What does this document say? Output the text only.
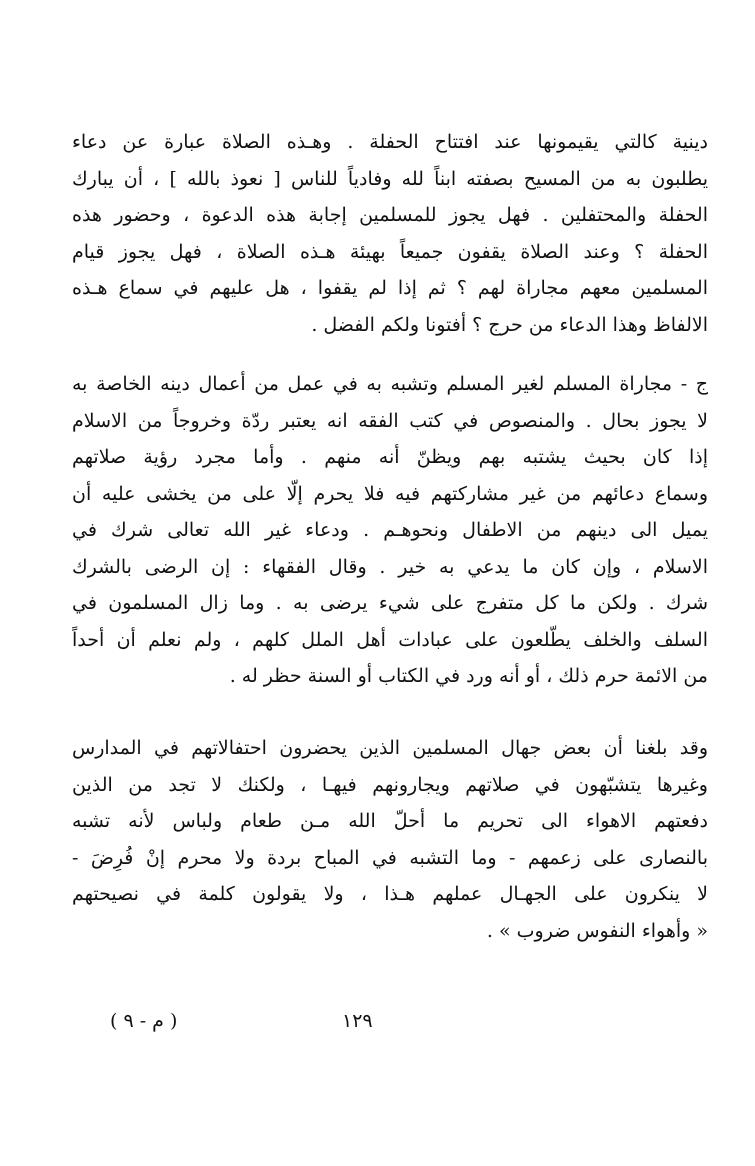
دينية كالتي يقيمونها عند افتتاح الحفلة . وهـذه الصلاة عبارة عن دعاء
يطلبون به من المسيح بصفته ابناً لله وفادياً للناس [ نعوذ بالله ] ، أن يبارك
الحفلة والمحتفلين . فهل يجوز للمسلمين إجابة هذه الدعوة ، وحضور هذه
الحفلة ؟ وعند الصلاة يقفون جميعاً بهيئة هـذه الصلاة ، فهل يجوز قيام
المسلمين معهم مجاراة لهم ؟ ثم إذا لم يقفوا ، هل عليهم في سماع هـذه
الالفاظ وهذا الدعاء من حرج ؟ أفتونا ولكم الفضل .
ج - مجاراة المسلم لغير المسلم وتشبه به في عمل من أعمال دينه الخاصة به
لا يجوز بحال . والمنصوص في كتب الفقه انه يعتبر ردّة وخروجاً من الاسلام
إذا كان بحيث يشتبه بهم ويظنّ أنه منهم . وأما مجرد رؤية صلاتهم
وسماع دعائهم من غير مشاركتهم فيه فلا يحرم إلّا على من يخشى عليه أن
يميل الى دينهم من الاطفال ونحوهـم . ودعاء غير الله تعالى شرك في
الاسلام ، وإن كان ما يدعي به خير . وقال الفقهاء : إن الرضى بالشرك
شرك . ولكن ما كل متفرج على شيء يرضى به . وما زال المسلمون في
السلف والخلف يطّلعون على عبادات أهل الملل كلهم ، ولم نعلم أن أحداً
من الائمة حرم ذلك ، أو أنه ورد في الكتاب أو السنة حظر له .
وقد بلغنا أن بعض جهال المسلمين الذين يحضرون احتفالاتهم في المدارس
وغيرها يتشبّهون في صلاتهم ويجارونهم فيهـا ، ولكنك لا تجد من الذين
دفعتهم الاهواء الى تحريم ما أحلّ الله مـن طعام ولباس لأنه تشبه
بالنصارى على زعمهم - وما التشبه في المباح بردة ولا محرم إنْ فُرِضَ -
لا ينكرون على الجهـال عملهم هـذا ، ولا يقولون كلمة في نصيحتهم
« وأهواء النفوس ضروب » .
١٢٩
( م - ٩ )
